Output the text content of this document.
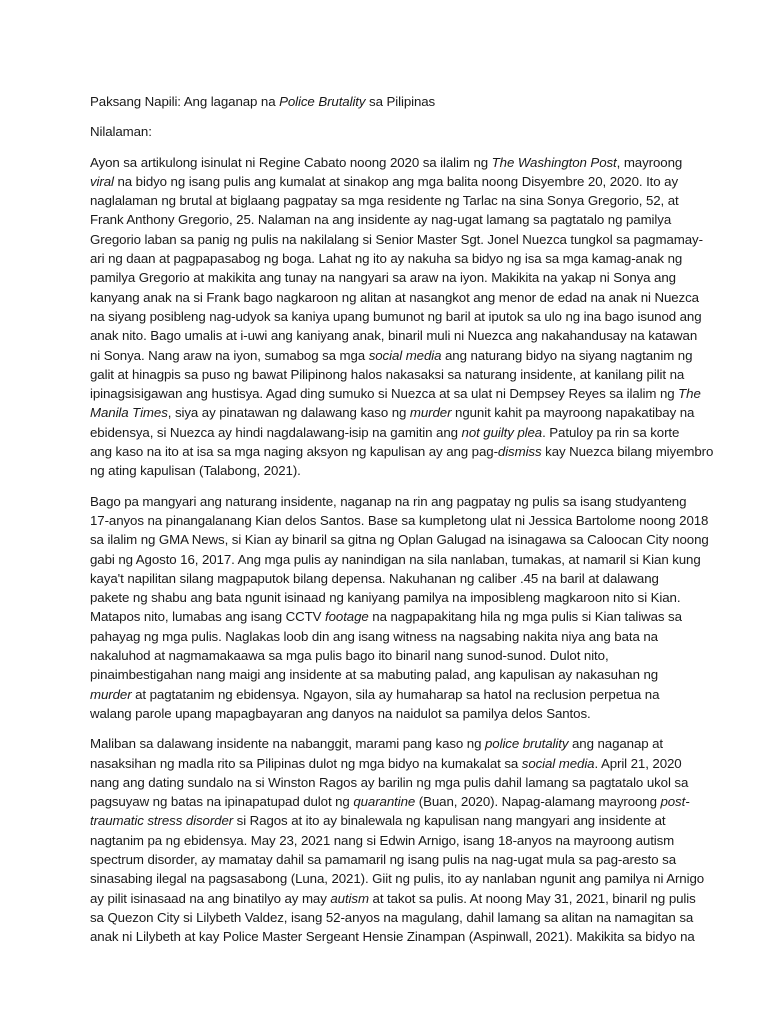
Paksang Napili: Ang laganap na Police Brutality sa Pilipinas
Nilalaman:
Ayon sa artikulong isinulat ni Regine Cabato noong 2020 sa ilalim ng The Washington Post, mayroong
viral na bidyo ng isang pulis ang kumalat at sinakop ang mga balita noong Disyembre 20, 2020. Ito ay
naglalaman ng brutal at biglaang pagpatay sa mga residente ng Tarlac na sina Sonya Gregorio, 52, at
Frank Anthony Gregorio, 25. Nalaman na ang insidente ay nag-ugat lamang sa pagtatalo ng pamilya
Gregorio laban sa panig ng pulis na nakilalang si Senior Master Sgt. Jonel Nuezca tungkol sa pagmamay-
ari ng daan at pagpapasabog ng boga. Lahat ng ito ay nakuha sa bidyo ng isa sa mga kamag-anak ng
pamilya Gregorio at makikita ang tunay na nangyari sa araw na iyon. Makikita na yakap ni Sonya ang
kanyang anak na si Frank bago nagkaroon ng alitan at nasangkot ang menor de edad na anak ni Nuezca
na siyang posibleng nag-udyok sa kaniya upang bumunot ng baril at iputok sa ulo ng ina bago isunod ang
anak nito. Bago umalis at i-uwi ang kaniyang anak, binaril muli ni Nuezca ang nakahandusay na katawan
ni Sonya. Nang araw na iyon, sumabog sa mga social media ang naturang bidyo na siyang nagtanim ng
galit at hinagpis sa puso ng bawat Pilipinong halos nakasaksi sa naturang insidente, at kanilang pilit na
ipinagsisigawan ang hustisya. Agad ding sumuko si Nuezca at sa ulat ni Dempsey Reyes sa ilalim ng The
Manila Times, siya ay pinatawan ng dalawang kaso ng murder ngunit kahit pa mayroong napakatibay na
ebidensya, si Nuezca ay hindi nagdalawang-isip na gamitin ang not guilty plea. Patuloy pa rin sa korte
ang kaso na ito at isa sa mga naging aksyon ng kapulisan ay ang pag-dismiss kay Nuezca bilang miyembro
ng ating kapulisan (Talabong, 2021).
Bago pa mangyari ang naturang insidente, naganap na rin ang pagpatay ng pulis sa isang studyanteng
17-anyos na pinangalanang Kian delos Santos. Base sa kumpletong ulat ni Jessica Bartolome noong 2018
sa ilalim ng GMA News, si Kian ay binaril sa gitna ng Oplan Galugad na isinagawa sa Caloocan City noong
gabi ng Agosto 16, 2017. Ang mga pulis ay nanindigan na sila nanlaban, tumakas, at namaril si Kian kung
kaya't napilitan silang magpaputok bilang depensa. Nakuhanan ng caliber .45 na baril at dalawang
pakete ng shabu ang bata ngunit isinaad ng kaniyang pamilya na imposibleng magkaroon nito si Kian.
Matapos nito, lumabas ang isang CCTV footage na nagpapakitang hila ng mga pulis si Kian taliwas sa
pahayag ng mga pulis. Naglakas loob din ang isang witness na nagsabing nakita niya ang bata na
nakaluhod at nagmamakaawa sa mga pulis bago ito binaril nang sunod-sunod. Dulot nito,
pinaimbestigahan nang maigi ang insidente at sa mabuting palad, ang kapulisan ay nakasuhan ng
murder at pagtatanim ng ebidensya. Ngayon, sila ay humaharap sa hatol na reclusion perpetua na
walang parole upang mapagbayaran ang danyos na naidulot sa pamilya delos Santos.
Maliban sa dalawang insidente na nabanggit, marami pang kaso ng police brutality ang naganap at
nasaksihan ng madla rito sa Pilipinas dulot ng mga bidyo na kumakalat sa social media. April 21, 2020
nang ang dating sundalo na si Winston Ragos ay barilin ng mga pulis dahil lamang sa pagtatalo ukol sa
pagsuyaw ng batas na ipinapatupad dulot ng quarantine (Buan, 2020). Napag-alamang mayroong post-
traumatic stress disorder si Ragos at ito ay binalewala ng kapulisan nang mangyari ang insidente at
nagtanim pa ng ebidensya. May 23, 2021 nang si Edwin Arnigo, isang 18-anyos na mayroong autism
spectrum disorder, ay mamatay dahil sa pamamaril ng isang pulis na nag-ugat mula sa pag-aresto sa
sinasabing ilegal na pagsasabong (Luna, 2021). Giit ng pulis, ito ay nanlaban ngunit ang pamilya ni Arnigo
ay pilit isinasaad na ang binatilyo ay may autism at takot sa pulis. At noong May 31, 2021, binaril ng pulis
sa Quezon City si Lilybeth Valdez, isang 52-anyos na magulang, dahil lamang sa alitan na namagitan sa
anak ni Lilybeth at kay Police Master Sergeant Hensie Zinampan (Aspinwall, 2021). Makikita sa bidyo na
